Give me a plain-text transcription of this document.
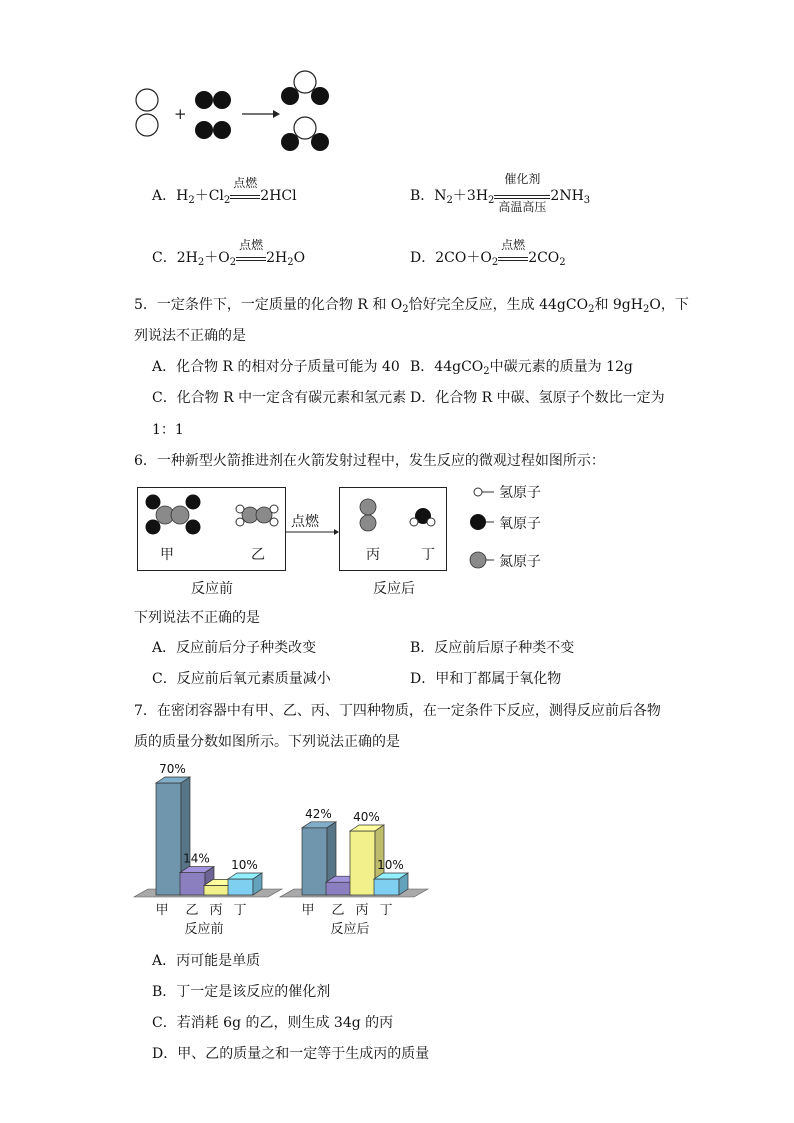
+
A．$H_2+Cl_2$
点燃
2HCl	B．$N_2+3H_2$
催化剂
高温高压
$2NH_3$
C．$2H_2+O_2$
点燃
$2H_2O$	D．$2CO+O_2$
点燃
$2CO_2$
5．一定条件下，一定质量的化合物 R 和 $O_2$恰好完全反应，生成 44gCO$_2$和 $9gH_2O$，下
列说法不正确的是
A．化合物 R 的相对分子质量可能为 40 B．44gCO$_2$中碳元素的质量为 12g
C．化合物 R 中一定含有碳元素和氢元素 D．化合物 R 中碳、氢原子个数比一定为
1：1
6．一种新型火箭推进剂在火箭发射过程中，发生反应的微观过程如图所示：
甲	乙
点燃
丙	丁
反应前	反应后
氢原子
氧原子
氮原子
下列说法不正确的是
A．反应前后分子种类改变	B．反应前后原子种类不变
C．反应前后氧元素质量减小	D．甲和丁都属于氧化物
7．在密闭容器中有甲、乙、丙、丁四种物质，在一定条件下反应，测得反应前后各物
质的质量分数如图所示。下列说法正确的是
70%
甲
14%
乙 丙
10%
丁
反应前
42%
甲 乙
40%
丙
10%
丁
反应后
A．丙可能是单质
B．丁一定是该反应的催化剂
C．若消耗 6g 的乙，则生成 34g 的丙
D．甲、乙的质量之和一定等于生成丙的质量
